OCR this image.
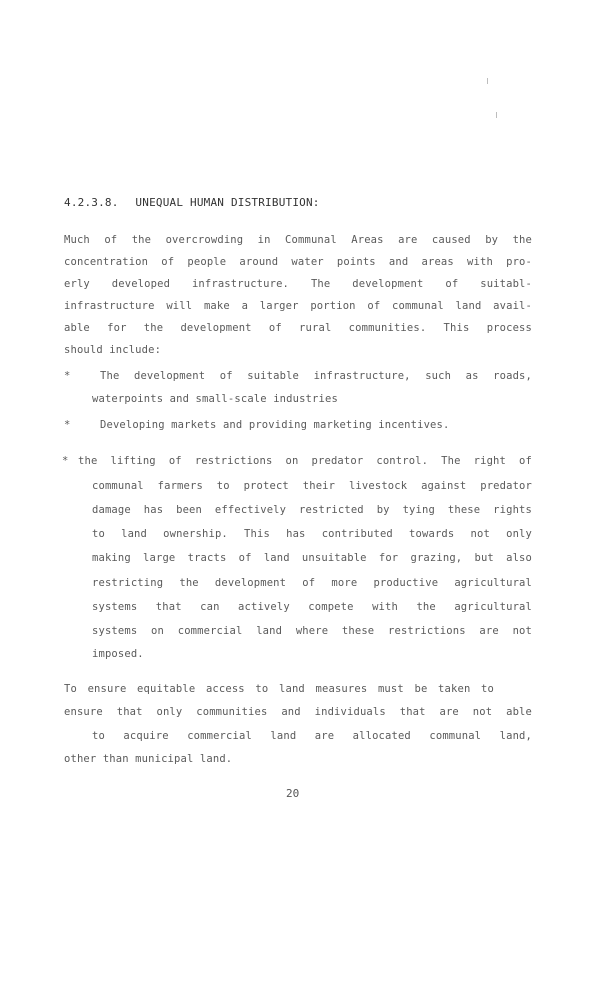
4.2.3.8. UNEQUAL HUMAN DISTRIBUTION:
Much of the overcrowding in Communal Areas are caused by the
concentration of people around water points and areas with pro-
erly developed infrastructure. The development of suitabl-
infrastructure will make a larger portion of communal land avail-
able for the development of rural communities. This process
should include:
*	The development of suitable infrastructure, such as roads,
waterpoints and small-scale industries
*	Developing markets and providing marketing incentives.
* the lifting of restrictions on predator control. The right of
communal farmers to protect their livestock against predator
damage has been effectively restricted by tying these rights
to land ownership. This has contributed towards not only
making large tracts of land unsuitable for grazing, but also
restricting the development of more productive agricultural
systems that can actively compete with the agricultural
systems on commercial land where these restrictions are not
imposed.
To ensure equitable access to land measures must be taken to
ensure that only communities and individuals that are not able
to acquire commercial land are allocated communal land,
other than municipal land.
20
